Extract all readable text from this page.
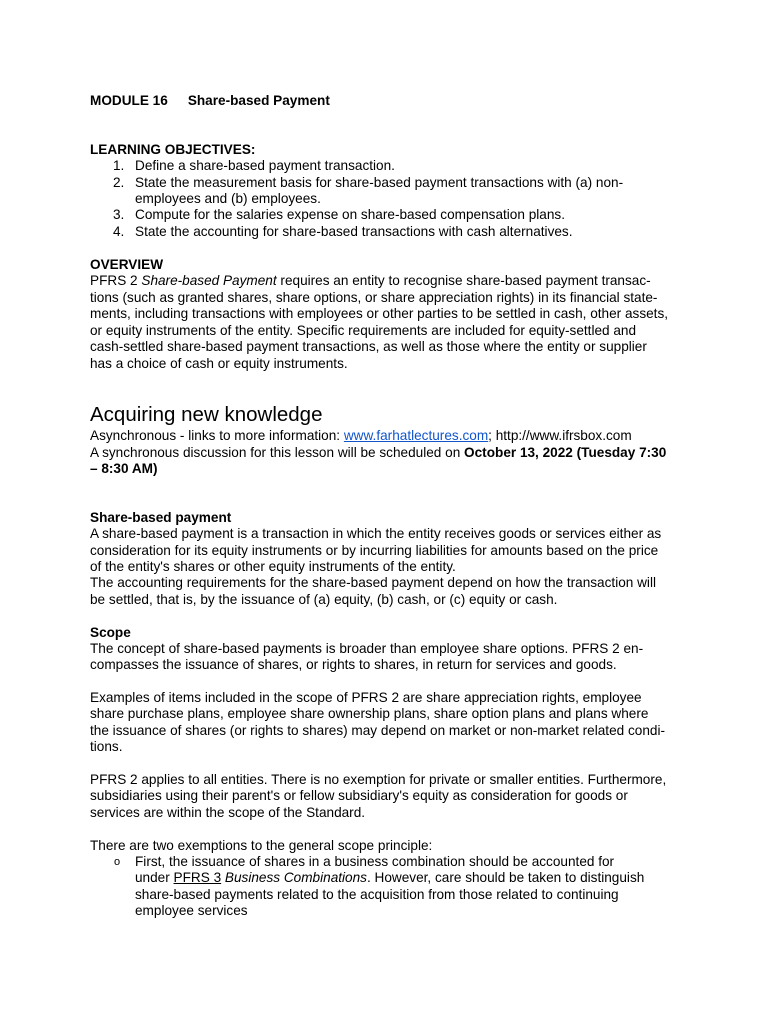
MODULE 16 Share-based Payment
LEARNING OBJECTIVES:
1. Define a share-based payment transaction.
2. State the measurement basis for share-based payment transactions with (a) non-
employees and (b) employees.
3. Compute for the salaries expense on share-based compensation plans.
4. State the accounting for share-based transactions with cash alternatives.
OVERVIEW
PFRS 2 Share-based Payment requires an entity to recognise share-based payment transac-
tions (such as granted shares, share options, or share appreciation rights) in its financial state-
ments, including transactions with employees or other parties to be settled in cash, other assets,
or equity instruments of the entity. Specific requirements are included for equity-settled and
cash-settled share-based payment transactions, as well as those where the entity or supplier
has a choice of cash or equity instruments.
Acquiring new knowledge
Asynchronous - links to more information: www.farhatlectures.com; http://www.ifrsbox.com
A synchronous discussion for this lesson will be scheduled on October 13, 2022 (Tuesday 7:30
– 8:30 AM)
Share-based payment
A share-based payment is a transaction in which the entity receives goods or services either as
consideration for its equity instruments or by incurring liabilities for amounts based on the price
of the entity's shares or other equity instruments of the entity.
The accounting requirements for the share-based payment depend on how the transaction will
be settled, that is, by the issuance of (a) equity, (b) cash, or (c) equity or cash.
Scope
The concept of share-based payments is broader than employee share options. PFRS 2 en-
compasses the issuance of shares, or rights to shares, in return for services and goods.
Examples of items included in the scope of PFRS 2 are share appreciation rights, employee
share purchase plans, employee share ownership plans, share option plans and plans where
the issuance of shares (or rights to shares) may depend on market or non-market related condi-
tions.
PFRS 2 applies to all entities. There is no exemption for private or smaller entities. Furthermore,
subsidiaries using their parent's or fellow subsidiary's equity as consideration for goods or
services are within the scope of the Standard.
There are two exemptions to the general scope principle:
o First, the issuance of shares in a business combination should be accounted for
under PFRS 3 Business Combinations. However, care should be taken to distinguish
share-based payments related to the acquisition from those related to continuing
employee services
